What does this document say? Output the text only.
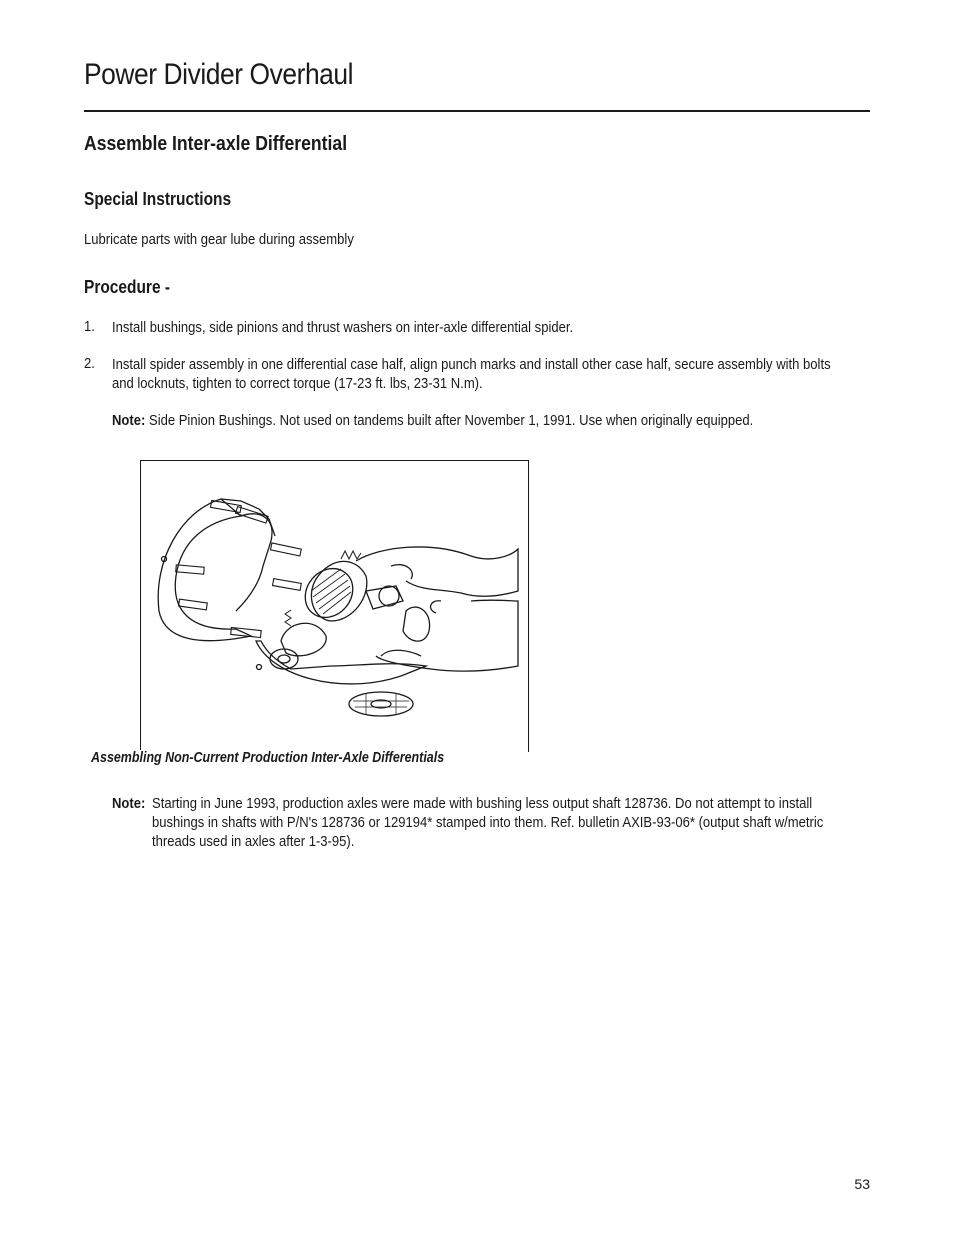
Power Divider Overhaul
Assemble Inter-axle Differential
Special Instructions
Lubricate parts with gear lube during assembly
Procedure -
1. Install bushings, side pinions and thrust washers on inter-axle differential spider.
2. Install spider assembly in one differential case half, align punch marks and install other case half, secure assembly with bolts
and locknuts, tighten to correct torque (17-23 ft. lbs, 23-31 N.m).
Note: Side Pinion Bushings. Not used on tandems built after November 1, 1991. Use when originally equipped.
Assembling Non-Current Production Inter-Axle Differentials
Note: Starting in June 1993, production axles were made with bushing less output shaft 128736. Do not attempt to install
bushings in shafts with P/N's 128736 or 129194* stamped into them. Ref. bulletin AXIB-93-06* (output shaft w/metric
threads used in axles after 1-3-95).
53
